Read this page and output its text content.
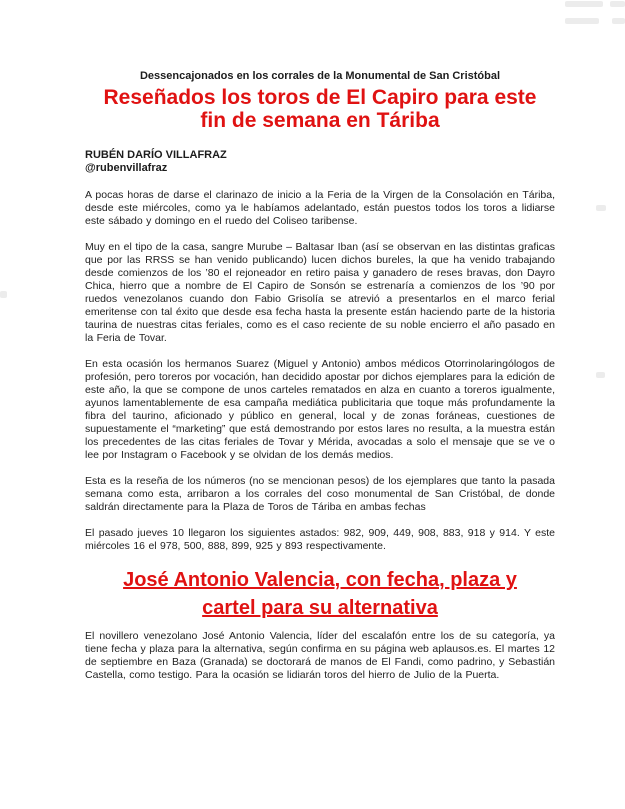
Dessencajonados en los corrales de la Monumental de San Cristóbal
Reseñados los toros de El Capiro para este
fin de semana en Táriba
RUBÉN DARÍO VILLAFRAZ
@rubenvillafraz

A pocas horas de darse el clarinazo de inicio a la Feria de la Virgen de la Consolación en Táriba, desde este miércoles, como ya le habíamos adelantado, están puestos todos los toros a lidiarse este sábado y domingo en el ruedo del Coliseo taribense.

Muy en el tipo de la casa, sangre Murube – Baltasar Iban (así se observan en las distintas graficas que por las RRSS se han venido publicando) lucen dichos bureles, la que ha venido trabajando desde comienzos de los ’80 el rejoneador en retiro paisa y ganadero de reses bravas, don Dayro Chica, hierro que a nombre de El Capiro de Sonsón se estrenaría a comienzos de los ’90 por ruedos venezolanos cuando don Fabio Grisolía se atrevió a presentarlos en el marco ferial emeritense con tal éxito que desde esa fecha hasta la presente están haciendo parte de la historia taurina de nuestras citas feriales, como es el caso reciente de su noble encierro el año pasado en la Feria de Tovar.

En esta ocasión los hermanos Suarez (Miguel y Antonio) ambos médicos Otorrinolaringólogos de profesión, pero toreros por vocación, han decidido apostar por dichos ejemplares para la edición de este año, la que se compone de unos carteles rematados en alza en cuanto a toreros igualmente, ayunos lamentablemente de esa campaña mediática publicitaria que toque más profundamente la fibra del taurino, aficionado y público en general, local y de zonas foráneas, cuestiones de supuestamente el “marketing” que está demostrando por estos lares no resulta, a la muestra están los precedentes de las citas feriales de Tovar y Mérida, avocadas a solo el mensaje que se ve o lee por Instagram o Facebook y se olvidan de los demás medios.

Esta es la reseña de los números (no se mencionan pesos) de los ejemplares que tanto la pasada semana como esta, arribaron a los corrales del coso monumental de San Cristóbal, de donde saldrán directamente para la Plaza de Toros de Táriba en ambas fechas

El pasado jueves 10 llegaron los siguientes astados: 982, 909, 449, 908, 883, 918 y 914. Y este miércoles 16 el 978, 500, 888, 899, 925 y 893 respectivamente.

José Antonio Valencia, con fecha, plaza y
cartel para su alternativa

El novillero venezolano José Antonio Valencia, líder del escalafón entre los de su categoría, ya tiene fecha y plaza para la alternativa, según confirma en su página web aplausos.es. El martes 12 de septiembre en Baza (Granada) se doctorará de manos de El Fandi, como padrino, y Sebastián Castella, como testigo. Para la ocasión se lidiarán toros del hierro de Julio de la Puerta.
